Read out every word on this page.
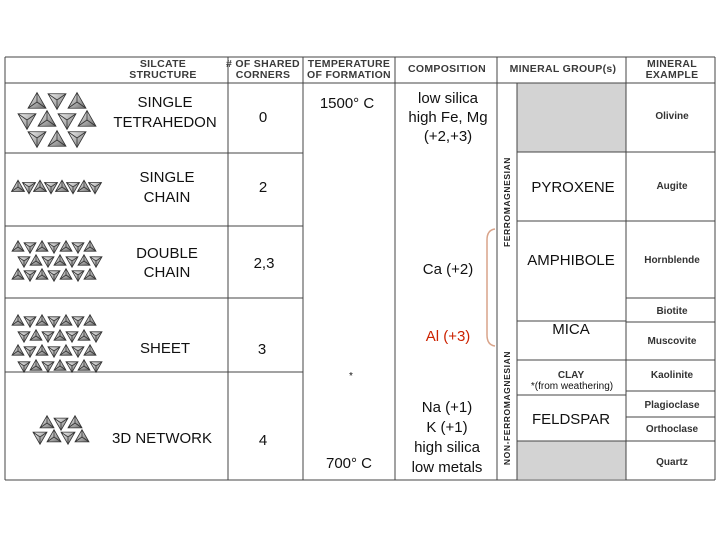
SILCATE
STRUCTURE
# OF SHARED
CORNERS
TEMPERATURE
OF FORMATION COMPOSITION MINERAL GROUP(s)	MINERAL
EXAMPLE
SINGLE
TETRAHEDON
SINGLE
CHAIN
DOUBLE
CHAIN
SHEET
3D NETWORK
0
2
2,3
3
4
1500° C
*
700° C
low silica
high Fe, Mg
(+2,+3)
Ca (+2)
Al (+3)
Na (+1)
K (+1)
high silica
low metals
FERROMAGNESIAN
NON-FERROMAGNESIAN
PYROXENE
AMPHIBOLE
MICA
CLAY
*(from weathering)
FELDSPAR
Olivine
Augite
Hornblende
Biotite
Muscovite
Kaolinite
Plagioclase
Orthoclase
Quartz
